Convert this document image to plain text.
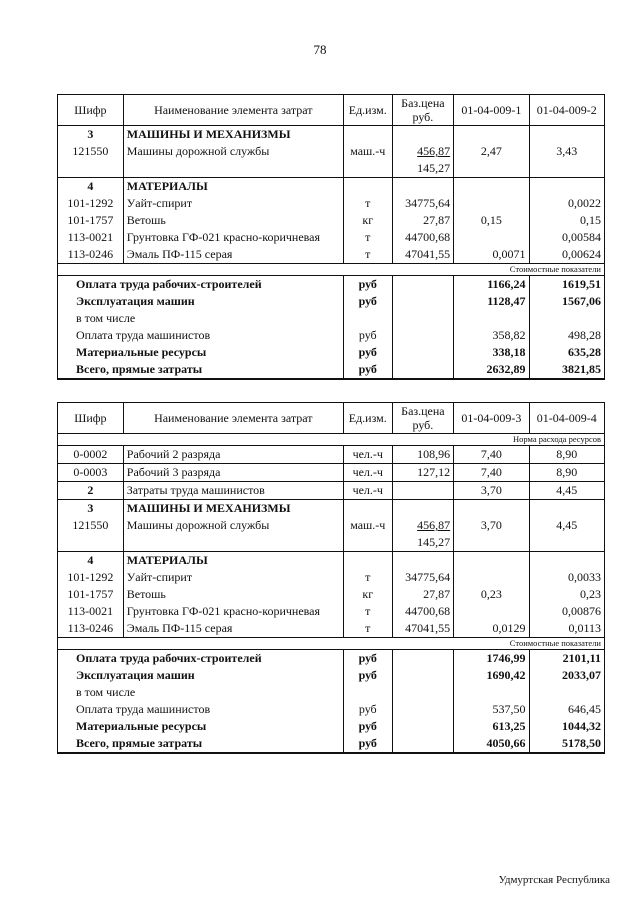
78
Шифр	Наименование элемента затрат	Ед.изм.	Баз.цена руб.	01-04-009-1	01-04-009-2
3	МАШИНЫ И МЕХАНИЗМЫ				
121550	Машины дорожной службы	маш.-ч	456,87	2,47	3,43
			145,27		
4	МАТЕРИАЛЫ				
101-1292	Уайт-спирит	т	34775,64		0,0022
101-1757	Ветошь	кг	27,87	0,15	0,15
113-0021	Грунтовка ГФ-021 красно-коричневая	т	44700,68		0,00584
113-0246	Эмаль ПФ-115 серая	т	47041,55	0,0071	0,00624
Стоимостные показатели					
Оплата труда рабочих-строителей		руб		1166,24	1619,51
Эксплуатация машин		руб		1128,47	1567,06
в том числе					
Оплата труда машинистов		руб		358,82	498,28
Материальные ресурсы		руб		338,18	635,28
Всего, прямые затраты		руб		2632,89	3821,85
Шифр	Наименование элемента затрат	Ед.изм.	Баз.цена руб.	01-04-009-3	01-04-009-4
Норма расхода ресурсов					
0-0002	Рабочий 2 разряда	чел.-ч	108,96	7,40	8,90
0-0003	Рабочий 3 разряда	чел.-ч	127,12	7,40	8,90
2	Затраты труда машинистов	чел.-ч		3,70	4,45
3	МАШИНЫ И МЕХАНИЗМЫ				
121550	Машины дорожной службы	маш.-ч	456,87	3,70	4,45
			145,27		
4	МАТЕРИАЛЫ				
101-1292	Уайт-спирит	т	34775,64		0,0033
101-1757	Ветошь	кг	27,87	0,23	0,23
113-0021	Грунтовка ГФ-021 красно-коричневая	т	44700,68		0,00876
113-0246	Эмаль ПФ-115 серая	т	47041,55	0,0129	0,0113
Стоимостные показатели					
Оплата труда рабочих-строителей		руб		1746,99	2101,11
Эксплуатация машин		руб		1690,42	2033,07
в том числе					
Оплата труда машинистов		руб		537,50	646,45
Материальные ресурсы		руб		613,25	1044,32
Всего, прямые затраты		руб		4050,66	5178,50
Удмуртская Республика
